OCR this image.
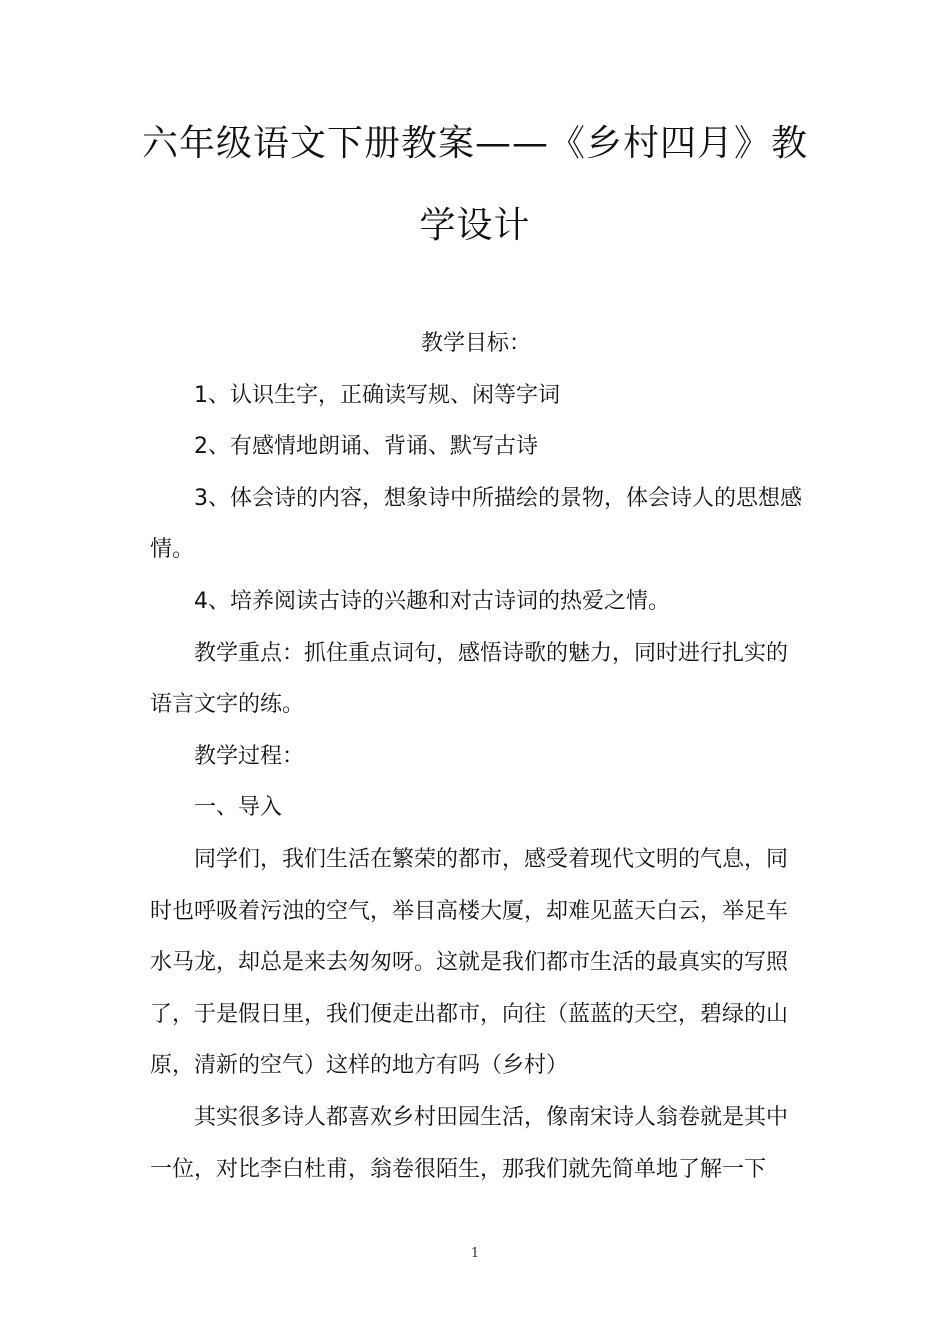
六年级语文下册教案——《乡村四月》教学设计

教学目标：

1、认识生字，正确读写规、闲等字词

2、有感情地朗诵、背诵、默写古诗

3、体会诗的内容，想象诗中所描绘的景物，体会诗人的思想感情。

4、培养阅读古诗的兴趣和对古诗词的热爱之情。

教学重点：抓住重点词句，感悟诗歌的魅力，同时进行扎实的语言文字的练。

教学过程：

一、导入

同学们，我们生活在繁荣的都市，感受着现代文明的气息，同时也呼吸着污浊的空气，举目高楼大厦，却难见蓝天白云，举足车水马龙，却总是来去匆匆呀。这就是我们都市生活的最真实的写照了，于是假日里，我们便走出都市，向往（蓝蓝的天空，碧绿的山原，清新的空气）这样的地方有吗（乡村）

其实很多诗人都喜欢乡村田园生活，像南宋诗人翁卷就是其中一位，对比李白杜甫，翁卷很陌生，那我们就先简单地了解一下

1
